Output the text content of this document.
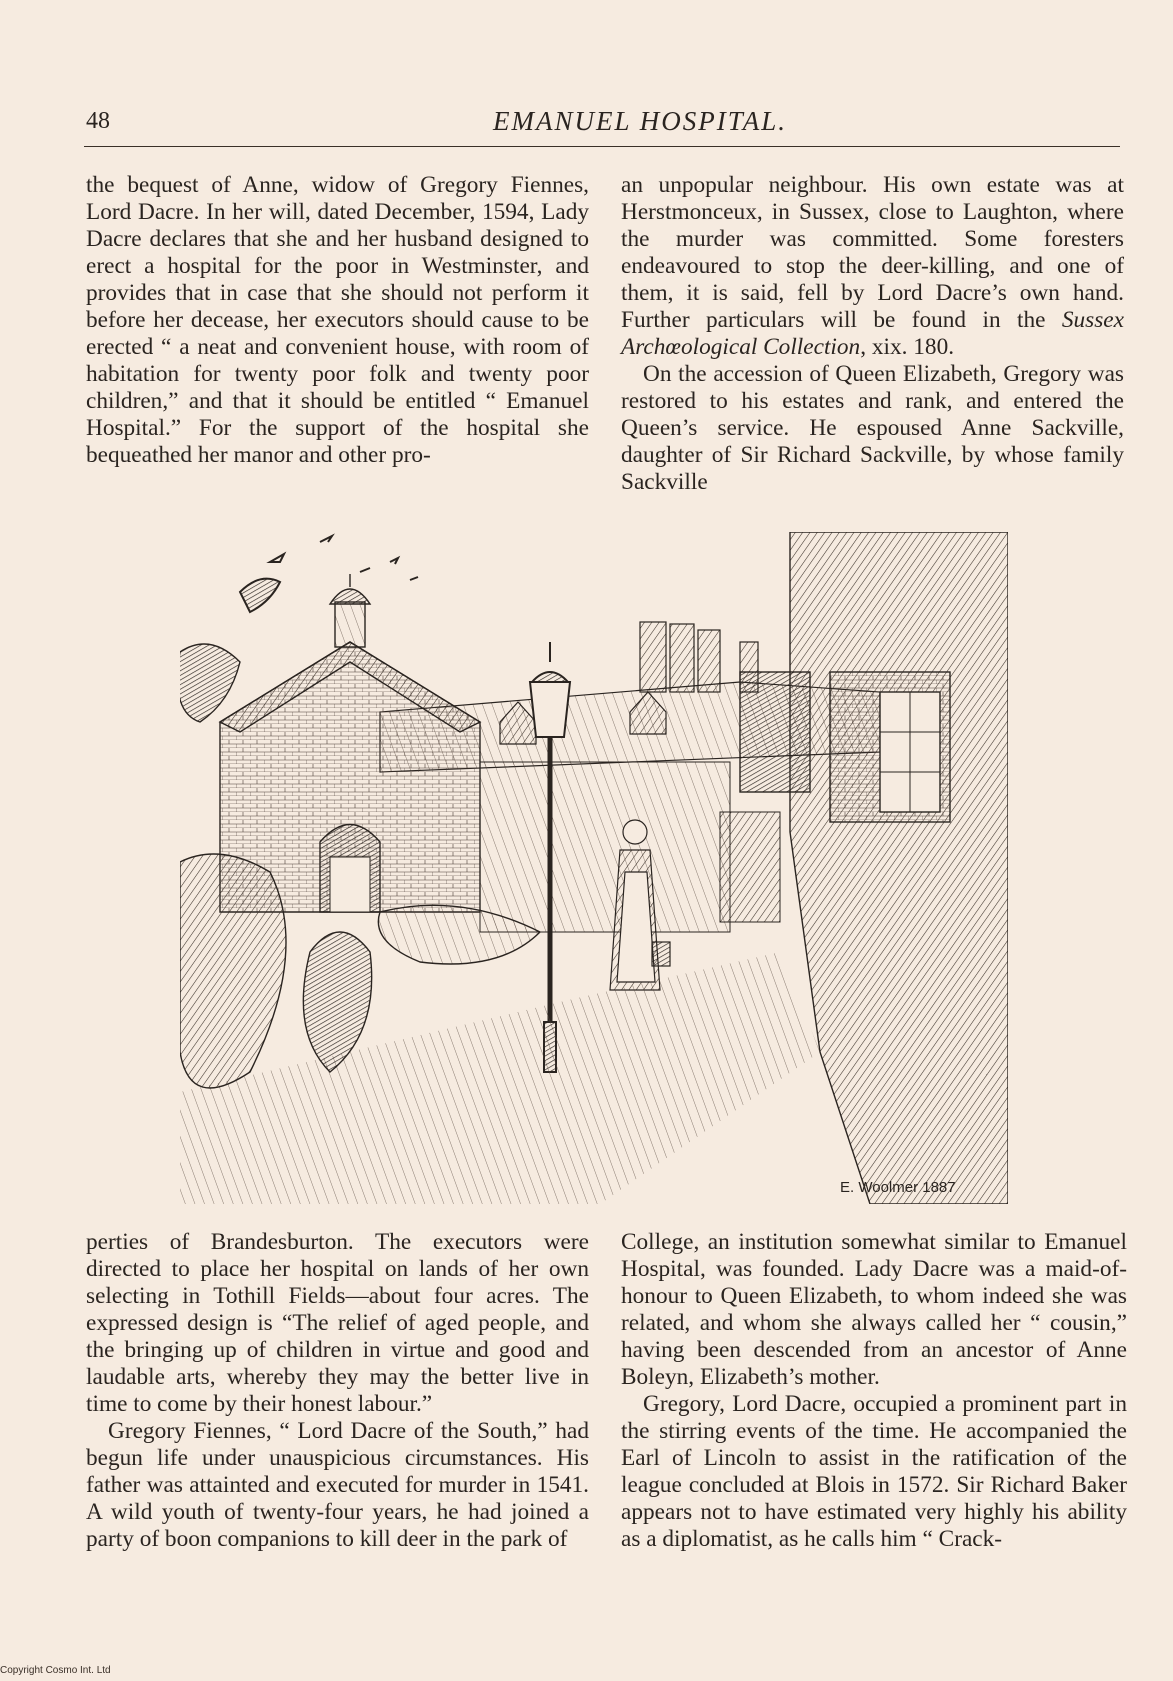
48	EMANUEL HOSPITAL.

the bequest of Anne, widow of Gregory Fiennes, Lord Dacre. In her will, dated December, 1594, Lady Dacre declares that she and her husband designed to erect a hospital for the poor in Westminster, and provides that in case that she should not perform it before her decease, her executors should cause to be erected “ a neat and convenient house, with room of habitation for twenty poor folk and twenty poor children,” and that it should be entitled “ Emanuel Hospital.” For the support of the hospital she bequeathed her manor and other pro-

an unpopular neighbour. His own estate was at Herstmonceux, in Sussex, close to Laughton, where the murder was committed. Some foresters endeavoured to stop the deer-killing, and one of them, it is said, fell by Lord Dacre’s own hand. Further particulars will be found in the Sussex Archœological Collection, xix. 180.

On the accession of Queen Elizabeth, Gregory was restored to his estates and rank, and entered the Queen’s service. He espoused Anne Sackville, daughter of Sir Richard Sackville, by whose family Sackville

E. Woolmer 1887

perties of Brandesburton. The executors were directed to place her hospital on lands of her own selecting in Tothill Fields—about four acres. The expressed design is “The relief of aged people, and the bringing up of children in virtue and good and laudable arts, whereby they may the better live in time to come by their honest labour.”

Gregory Fiennes, “ Lord Dacre of the South,” had begun life under unauspicious circumstances. His father was attainted and executed for murder in 1541. A wild youth of twenty-four years, he had joined a party of boon companions to kill deer in the park of

College, an institution somewhat similar to Emanuel Hospital, was founded. Lady Dacre was a maid-of-honour to Queen Elizabeth, to whom indeed she was related, and whom she always called her “ cousin,” having been descended from an ancestor of Anne Boleyn, Elizabeth’s mother.

Gregory, Lord Dacre, occupied a prominent part in the stirring events of the time. He accompanied the Earl of Lincoln to assist in the ratification of the league concluded at Blois in 1572. Sir Richard Baker appears not to have estimated very highly his ability as a diplomatist, as he calls him “ Crack-

Copyright Cosmo Int. Ltd
